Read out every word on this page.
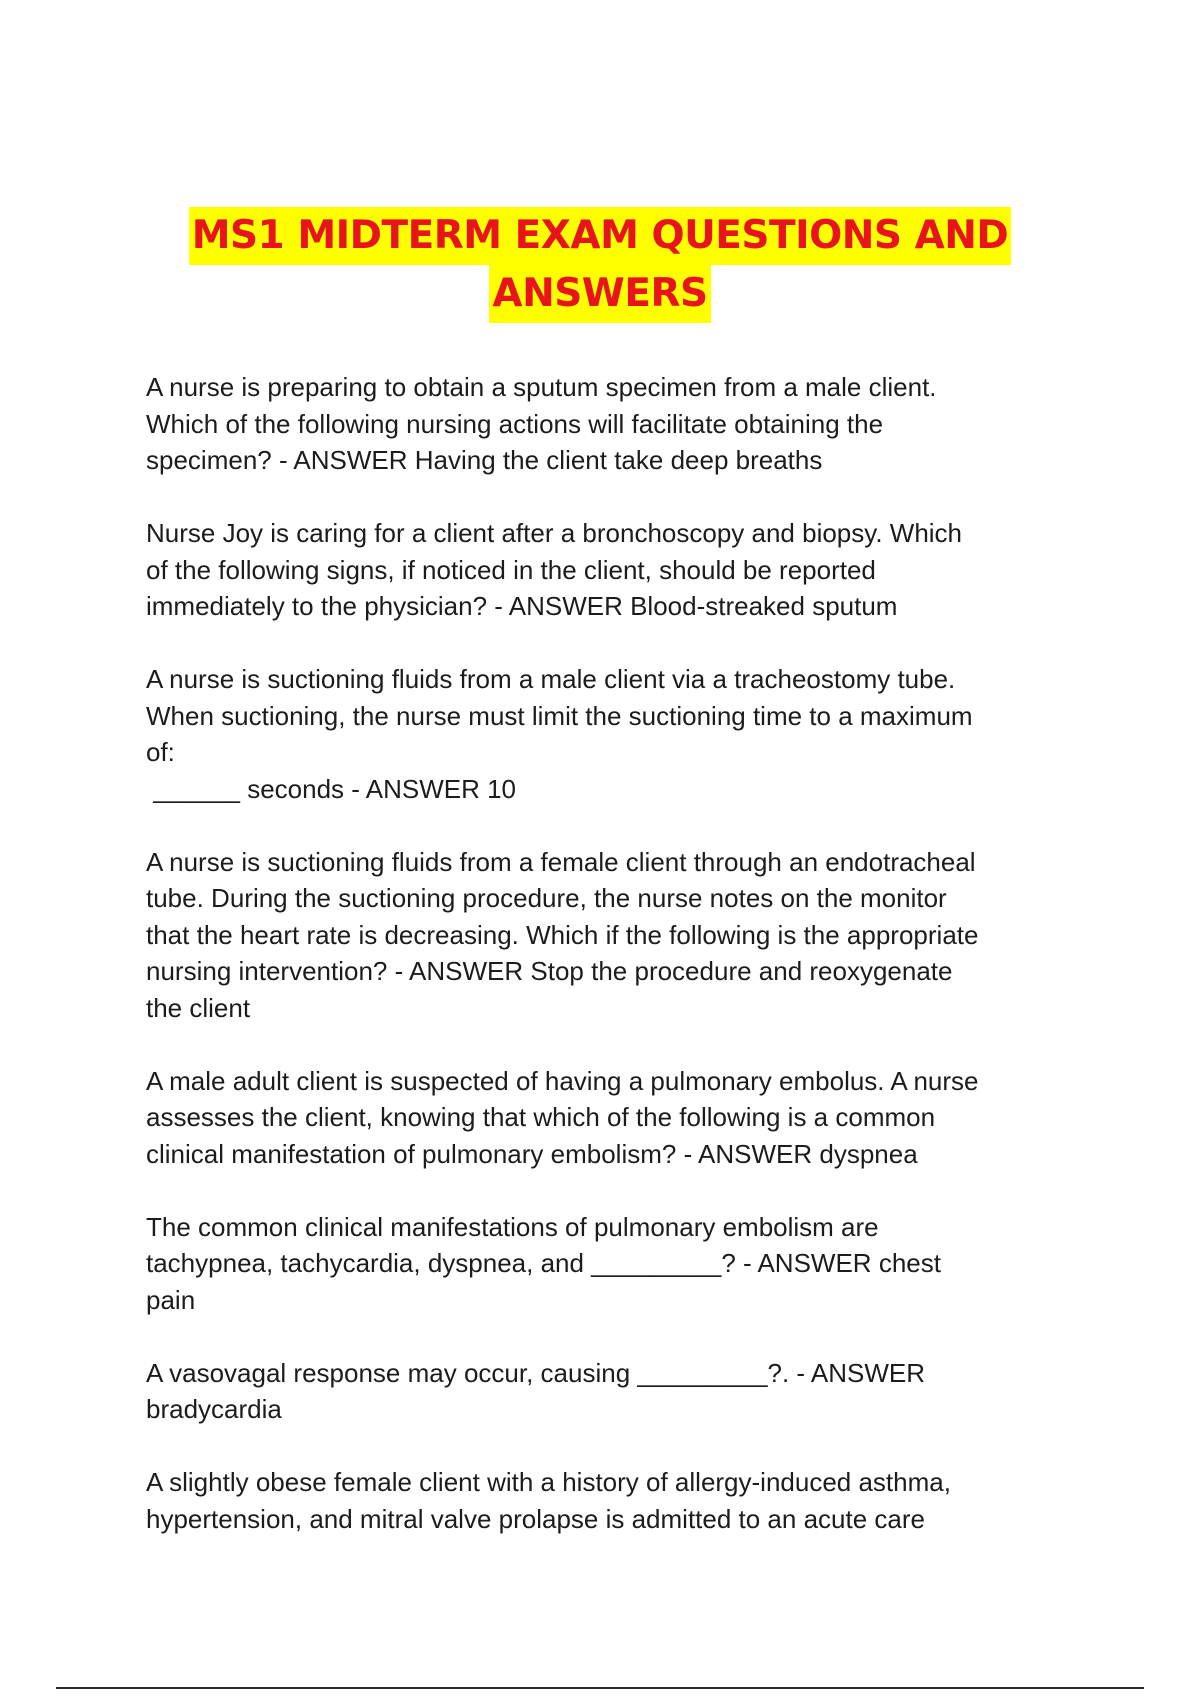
MS1 MIDTERM EXAM QUESTIONS AND
ANSWERS
A nurse is preparing to obtain a sputum specimen from a male client.
Which of the following nursing actions will facilitate obtaining the
specimen? - ANSWER Having the client take deep breaths
Nurse Joy is caring for a client after a bronchoscopy and biopsy. Which
of the following signs, if noticed in the client, should be reported
immediately to the physician? - ANSWER Blood-streaked sputum
A nurse is suctioning fluids from a male client via a tracheostomy tube.
When suctioning, the nurse must limit the suctioning time to a maximum
of:
______ seconds - ANSWER 10
A nurse is suctioning fluids from a female client through an endotracheal
tube. During the suctioning procedure, the nurse notes on the monitor
that the heart rate is decreasing. Which if the following is the appropriate
nursing intervention? - ANSWER Stop the procedure and reoxygenate
the client
A male adult client is suspected of having a pulmonary embolus. A nurse
assesses the client, knowing that which of the following is a common
clinical manifestation of pulmonary embolism? - ANSWER dyspnea
The common clinical manifestations of pulmonary embolism are
tachypnea, tachycardia, dyspnea, and _________? - ANSWER chest
pain
A vasovagal response may occur, causing _________?. - ANSWER
bradycardia
A slightly obese female client with a history of allergy-induced asthma,
hypertension, and mitral valve prolapse is admitted to an acute care
